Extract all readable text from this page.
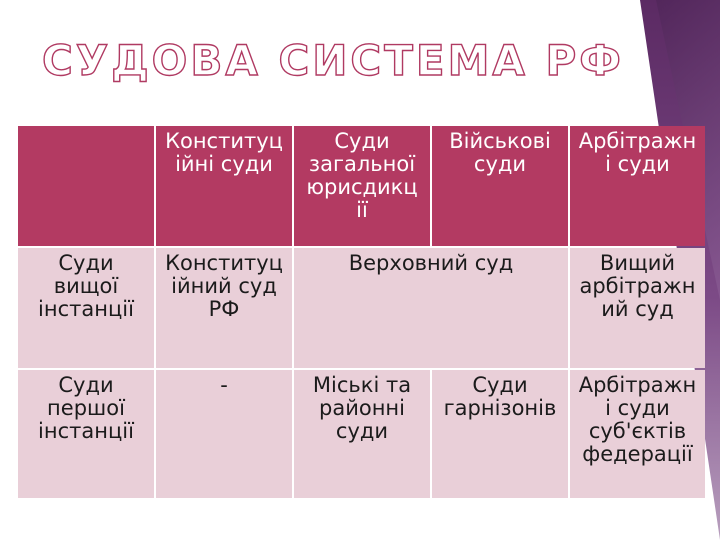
СУДОВА СИСТЕМА РФ
	Конституц
ійні суди	Суди
загальної
юрисдикц
ії	Військові
суди	Арбітражн
і суди
Суди
вищої
інстанції	Конституц
ійний суд
РФ	Верховний суд		Вищий
арбітражн
ий суд
Суди
першої
інстанції	-	Міські та
районні
суди	Суди
гарнізонів	Арбітражн
і суди
суб'єктів
федерації
